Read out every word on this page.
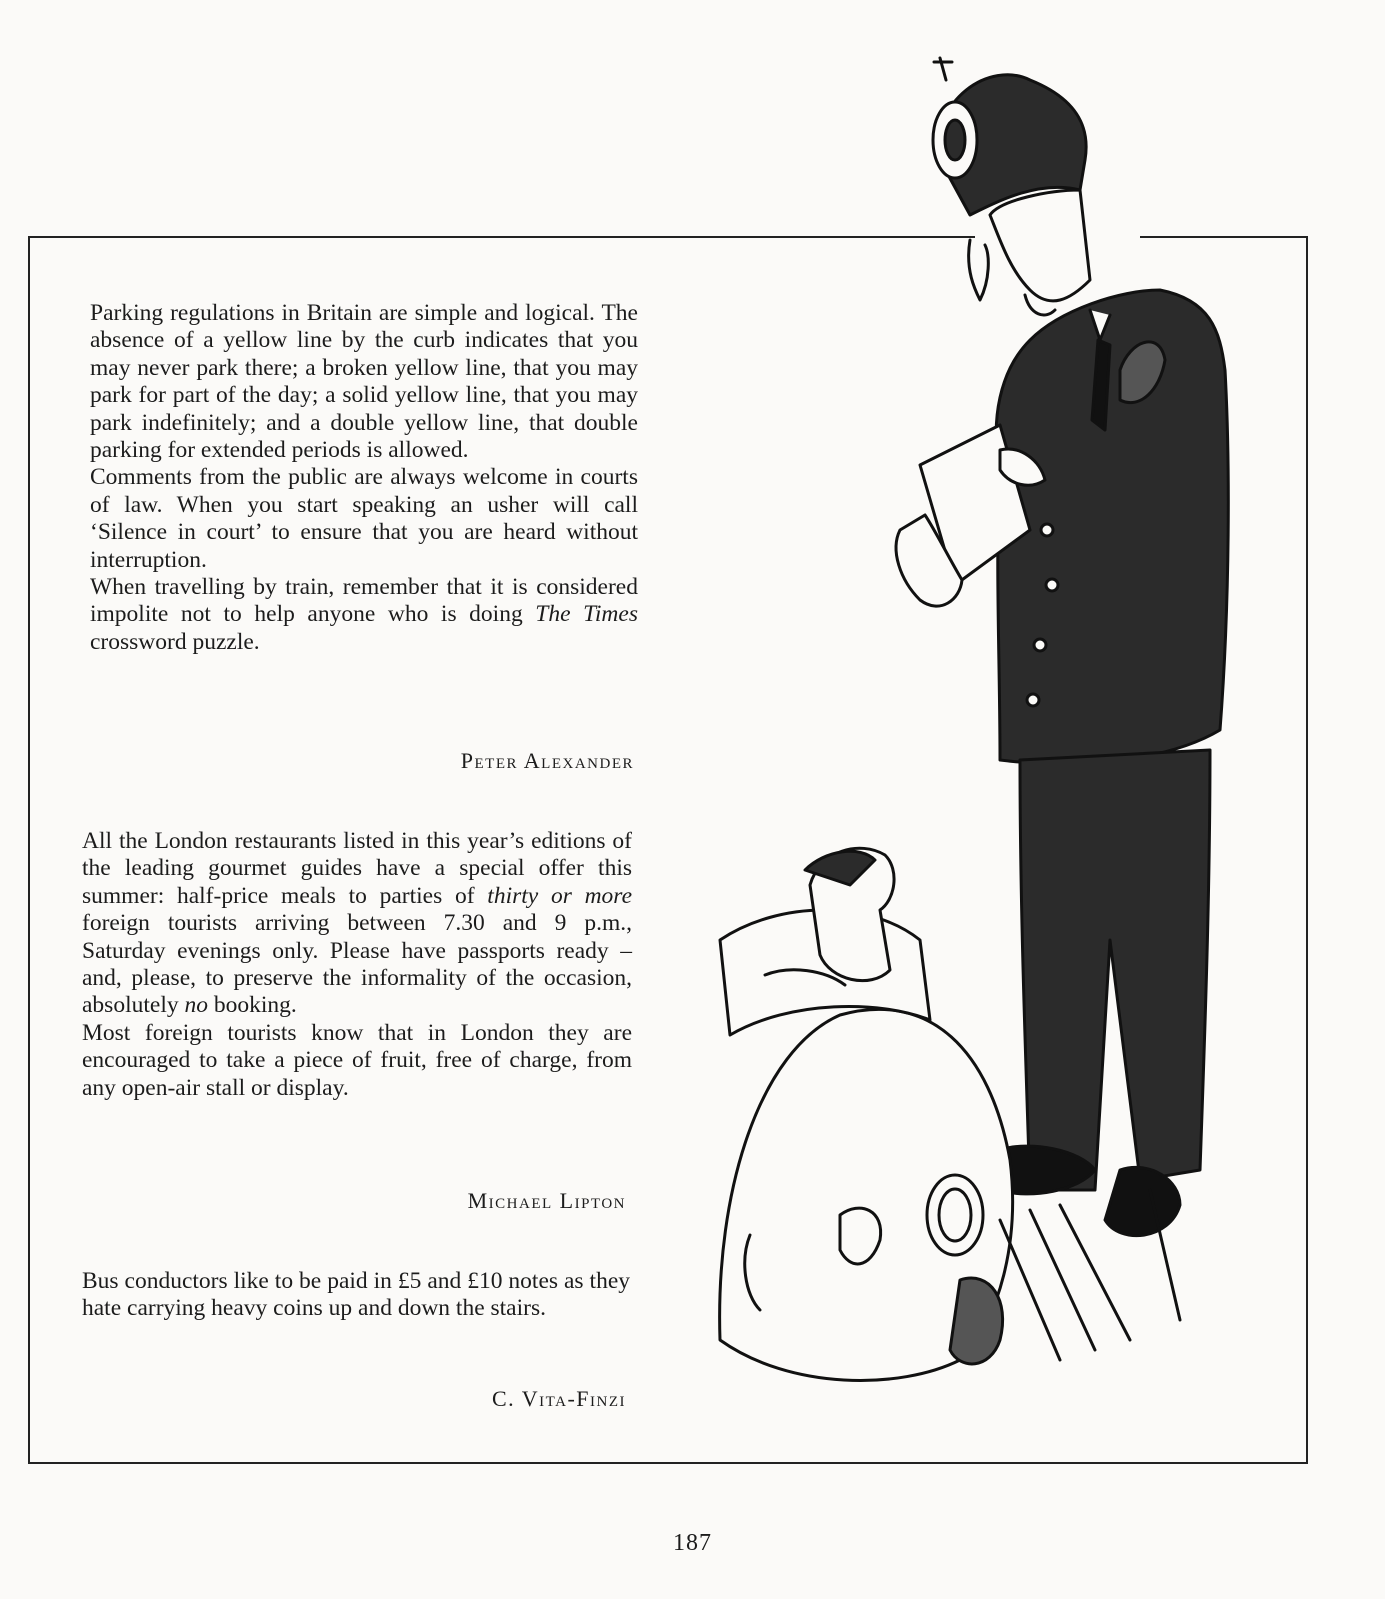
Parking regulations in Britain are simple and logical. The absence of a yellow line by the curb indicates that you may never park there; a broken yellow line, that you may park for part of the day; a solid yellow line, that you may park indefinitely; and a double yellow line, that double parking for extended periods is allowed.

Comments from the public are always welcome in courts of law. When you start speaking an usher will call ‘Silence in court’ to ensure that you are heard without interruption.

When travelling by train, remember that it is considered impolite not to help anyone who is doing The Times crossword puzzle.

Peter Alexander

All the London restaurants listed in this year’s editions of the leading gourmet guides have a special offer this summer: half-price meals to parties of thirty or more foreign tourists arriving between 7.30 and 9 p.m., Saturday evenings only. Please have passports ready – and, please, to preserve the informality of the occasion, absolutely no booking.

Most foreign tourists know that in London they are encouraged to take a piece of fruit, free of charge, from any open-air stall or display.

Michael Lipton

Bus conductors like to be paid in £5 and £10 notes as they hate carrying heavy coins up and down the stairs.

C. Vita-Finzi
187
